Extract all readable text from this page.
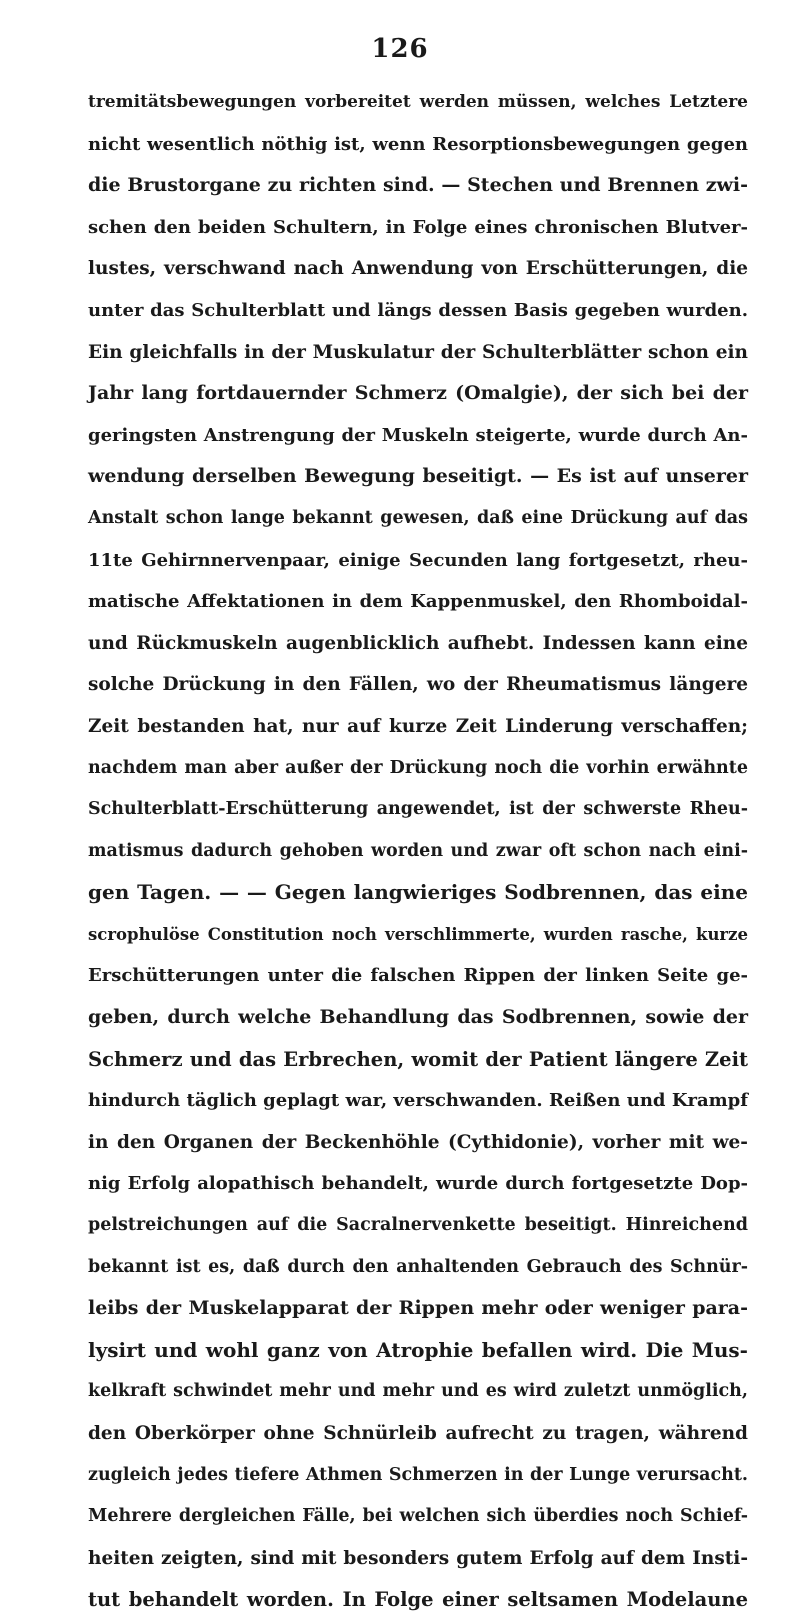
126
tremitätsbewegungen vorbereitet werden müssen, welches Letztere
nicht wesentlich nöthig ist, wenn Resorptionsbewegungen gegen
die Brustorgane zu richten sind. — Stechen und Brennen zwi-
schen den beiden Schultern, in Folge eines chronischen Blutver-
lustes, verschwand nach Anwendung von Erschütterungen, die
unter das Schulterblatt und längs dessen Basis gegeben wurden.
Ein gleichfalls in der Muskulatur der Schulterblätter schon ein
Jahr lang fortdauernder Schmerz (Omalgie), der sich bei der
geringsten Anstrengung der Muskeln steigerte, wurde durch An-
wendung derselben Bewegung beseitigt. — Es ist auf unserer
Anstalt schon lange bekannt gewesen, daß eine Drückung auf das
11te Gehirnnervenpaar, einige Secunden lang fortgesetzt, rheu-
matische Affektationen in dem Kappenmuskel, den Rhomboidal-
und Rückmuskeln augenblicklich aufhebt. Indessen kann eine
solche Drückung in den Fällen, wo der Rheumatismus längere
Zeit bestanden hat, nur auf kurze Zeit Linderung verschaffen;
nachdem man aber außer der Drückung noch die vorhin erwähnte
Schulterblatt-Erschütterung angewendet, ist der schwerste Rheu-
matismus dadurch gehoben worden und zwar oft schon nach eini-
gen Tagen. — — Gegen langwieriges Sodbrennen, das eine
scrophulöse Constitution noch verschlimmerte, wurden rasche, kurze
Erschütterungen unter die falschen Rippen der linken Seite ge-
geben, durch welche Behandlung das Sodbrennen, sowie der
Schmerz und das Erbrechen, womit der Patient längere Zeit
hindurch täglich geplagt war, verschwanden. Reißen und Krampf
in den Organen der Beckenhöhle (Cythidonie), vorher mit we-
nig Erfolg alopathisch behandelt, wurde durch fortgesetzte Dop-
pelstreichungen auf die Sacralnervenkette beseitigt. Hinreichend
bekannt ist es, daß durch den anhaltenden Gebrauch des Schnür-
leibs der Muskelapparat der Rippen mehr oder weniger para-
lysirt und wohl ganz von Atrophie befallen wird. Die Mus-
kelkraft schwindet mehr und mehr und es wird zuletzt unmöglich,
den Oberkörper ohne Schnürleib aufrecht zu tragen, während
zugleich jedes tiefere Athmen Schmerzen in der Lunge verursacht.
Mehrere dergleichen Fälle, bei welchen sich überdies noch Schief-
heiten zeigten, sind mit besonders gutem Erfolg auf dem Insti-
tut behandelt worden. In Folge einer seltsamen Modelaune
